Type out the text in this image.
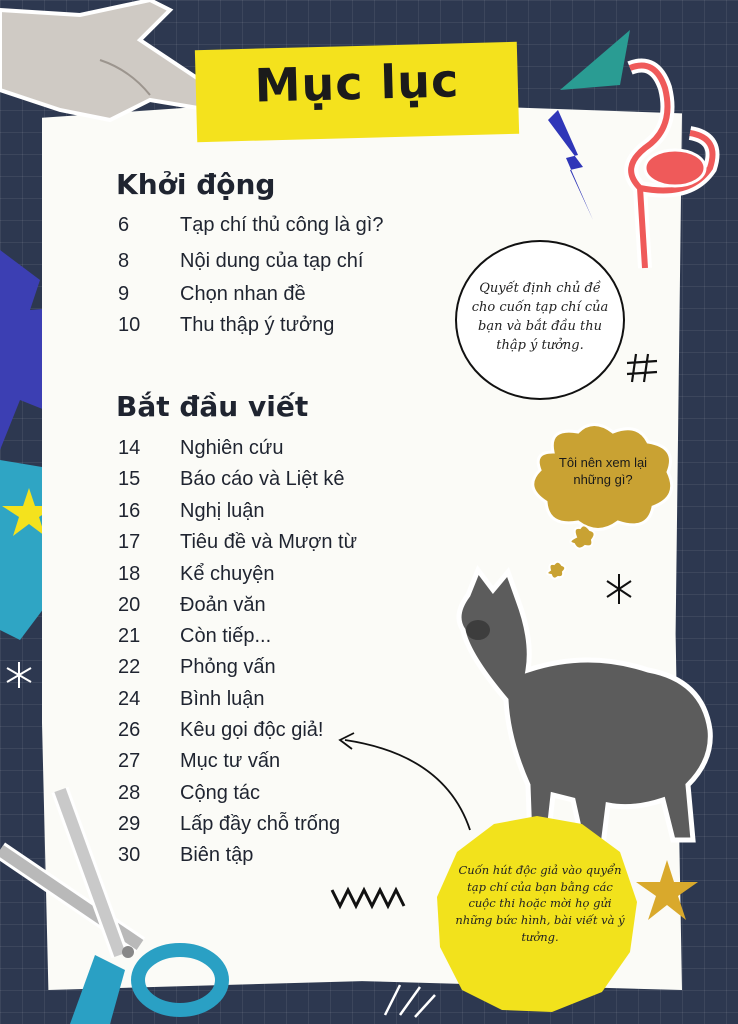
Mục lục
Khởi động
6	Tạp chí thủ công là gì?
8	Nội dung của tạp chí
9	Chọn nhan đề
10 Thu thập ý tưởng
Bắt đầu viết
14 Nghiên cứu
15 Báo cáo và Liệt kê
16 Nghị luận
17 Tiêu đề và Mượn từ
18 Kể chuyện
20 Đoản văn
21 Còn tiếp...
22 Phỏng vấn
24 Bình luận
26 Kêu gọi độc giả!
27 Mục tư vấn
28 Cộng tác
29 Lấp đầy chỗ trống
30 Biên tập
Quyết định chủ đề cho cuốn tạp chí của bạn và bắt đầu thu thập ý tưởng.
Tôi nên xem lại những gì?
Cuốn hút độc giả vào quyển tạp chí của bạn bằng các cuộc thi hoặc mời họ gửi những bức hình, bài viết và ý tưởng.
